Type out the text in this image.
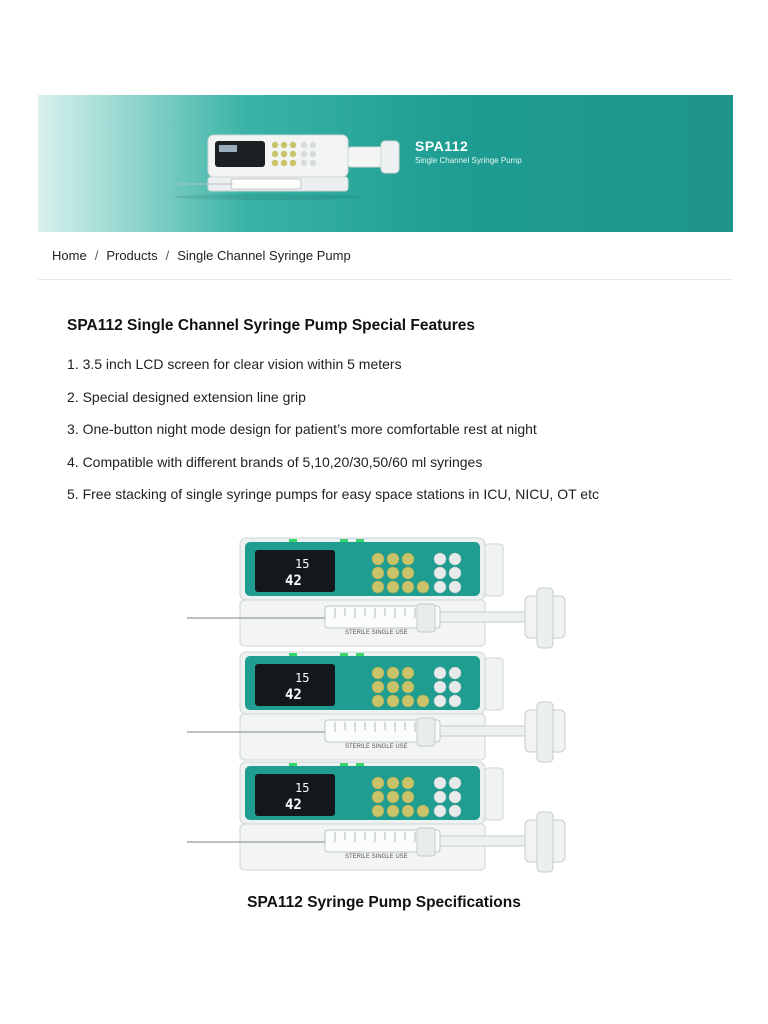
SPA112
Single Channel Syringe Pump
Home / Products / Single Channel Syringe Pump
SPA112 Single Channel Syringe Pump Special Features
1. 3.5 inch LCD screen for clear vision within 5 meters
2. Special designed extension line grip
3. One-button night mode design for patient’s more comfortable rest at night
4. Compatible with different brands of 5,10,20/30,50/60 ml syringes
5. Free stacking of single syringe pumps for easy space stations in ICU, NICU, OT etc
15
42
15
42
15
42
STERILE SINGLE USE
STERILE SINGLE USE
STERILE SINGLE USE
SPA112 Syringe Pump Specifications
